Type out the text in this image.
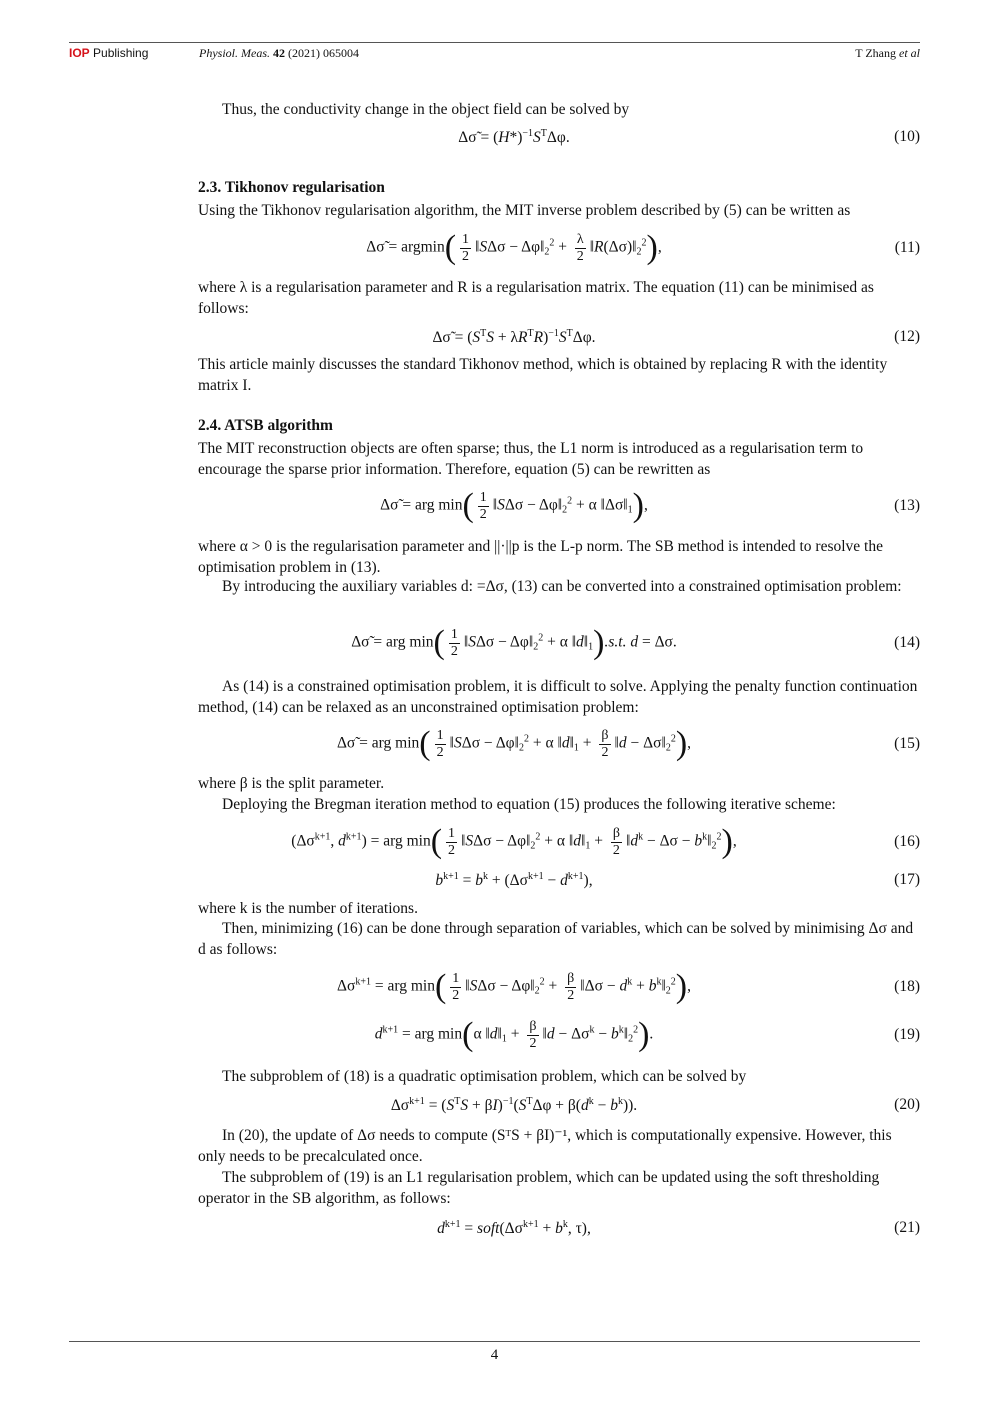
IOP Publishing	Physiol. Meas. 42 (2021) 065004	T Zhang et al
Thus, the conductivity change in the object field can be solved by
Δσ̃ = $(H*)^{-1}S^T\Delta\varphi$.	(10)
2.3. Tikhonov regularisation
Using the Tikhonov regularisation algorithm, the MIT inverse problem described by (5) can be written as
Δσ̃ = $argmin( \frac{1}{2}$ ‖SΔσ − $\Delta\varphi‖_2^2 + \frac{\lambda}{2}$ $‖R(\Delta\sigma)‖_2^2$),	(11)
where λ is a regularisation parameter and R is a regularisation matrix. The equation (11) can be minimised as follows:
Δσ̃ = $(S^TS + \lambda R^TR)^{-1}S^T\Delta\varphi$.	(12)
This article mainly discusses the standard Tikhonov method, which is obtained by replacing R with the identity matrix I.
2.4. ATSB algorithm
The MIT reconstruction objects are often sparse; thus, the L1 norm is introduced as a regularisation term to encourage the sparse prior information. Therefore, equation (5) can be rewritten as
Δσ̃ = arg $\min( \frac{1}{2}$ ‖SΔσ − $\Delta\varphi‖_2^2 + \alpha$ $‖\Delta\sigma‖_1$),	(13)
where α > 0 is the regularisation parameter and ||·||p is the L-p norm. The SB method is intended to resolve the optimisation problem in (13).
By introducing the auxiliary variables d: =Δσ, (13) can be converted into a constrained optimisation problem:
Δσ̃ = arg $\min( \frac{1}{2}$ ‖SΔσ − $\Delta\varphi‖_2^2 + \alpha$ $‖d‖_1).s.t$. d = Δσ.	(14)
As (14) is a constrained optimisation problem, it is difficult to solve. Applying the penalty function continuation method, (14) can be relaxed as an unconstrained optimisation problem:
Δσ̃ = arg $\min( \frac{1}{2}$ ‖SΔσ − $\Delta\varphi‖_2^2 + \alpha$ $‖d‖_1 + \frac{\beta}{2}$ ‖d − $\Delta\sigma‖_2^2$),	(15)
where β is the split parameter.
Deploying the Bregman iteration method to equation (15) produces the following iterative scheme:
($\Delta\sigma^{k+1}$, $d^{k+1}$) = arg $\min( \frac{1}{2}$ ‖SΔσ − $\Delta\varphi‖_2^2 + \alpha$ $‖d‖_1 + \frac{\beta}{2}$ $‖d^k - \Delta\sigma$ − $b^k‖_2^2$),	(16)
$b^{k+1} = b^k + (\Delta\sigma^{k+1} - d^{k+1})$,	(17)
where k is the number of iterations.
Then, minimizing (16) can be done through separation of variables, which can be solved by minimising Δσ and d as follows:
$\Delta\sigma^{k+1}$ = arg $\min( \frac{1}{2}$ ‖SΔσ − $\Delta\varphi‖_2^2 + \frac{\beta}{2}$ ‖Δσ − $d^k$ + $b^k‖_2^2$),	(18)
$d^{k+1}$ = arg min(α $‖d‖_1 + \frac{\beta}{2}$ ‖d − $\Delta\sigma^k$ − $b^k‖_2^2$).	(19)
The subproblem of (18) is a quadratic optimisation problem, which can be solved by
$\Delta\sigma^{k+1} = (S^TS + \beta I)^{-1}(S^T\Delta\varphi + \beta(d^k - b^k))$.	(20)
In (20), the update of Δσ needs to compute (SᵀS + βI)⁻¹, which is computationally expensive. However, this only needs to be precalculated once.
The subproblem of (19) is an L1 regularisation problem, which can be updated using the soft thresholding operator in the SB algorithm, as follows:
$d^{k+1}$ = $soft(\Delta\sigma^{k+1} + b^k$, τ),	(21)
4
